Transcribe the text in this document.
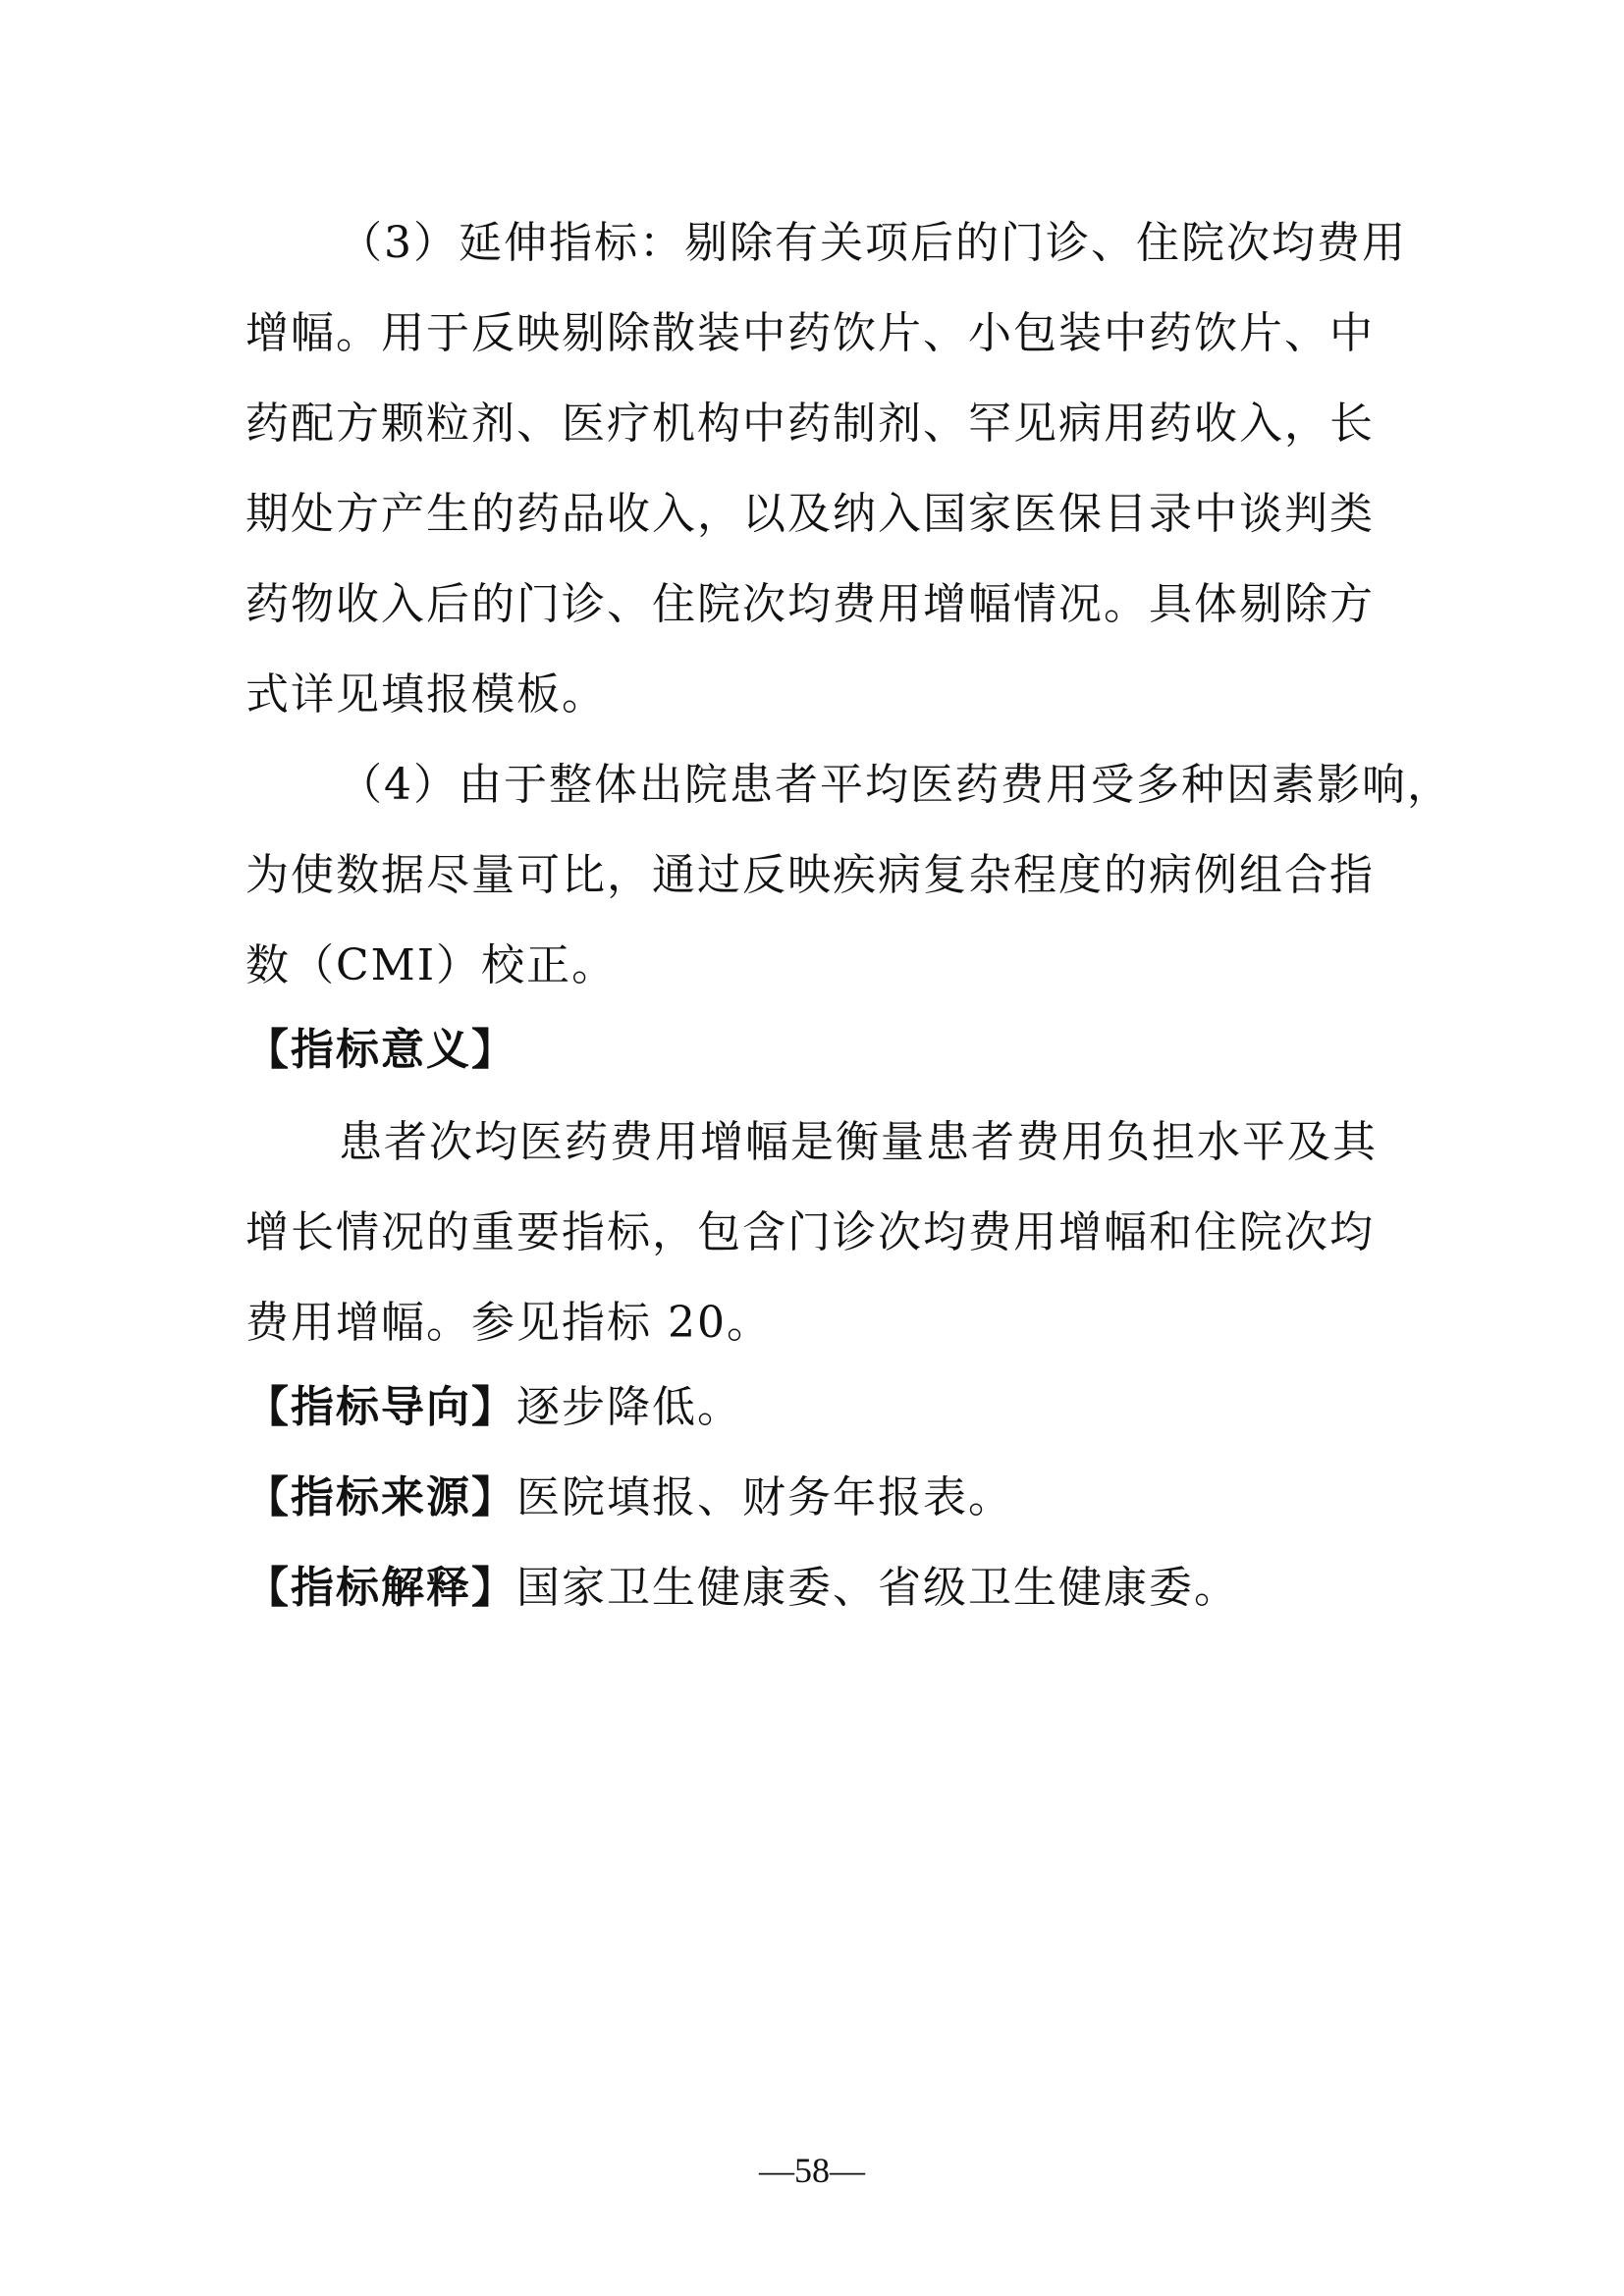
（3）延伸指标：剔除有关项后的门诊、住院次均费用
增幅。用于反映剔除散装中药饮片、小包装中药饮片、中
药配方颗粒剂、医疗机构中药制剂、罕见病用药收入，长
期处方产生的药品收入，以及纳入国家医保目录中谈判类
药物收入后的门诊、住院次均费用增幅情况。具体剔除方
式详见填报模板。
（4）由于整体出院患者平均医药费用受多种因素影响，
为使数据尽量可比，通过反映疾病复杂程度的病例组合指
数（CMI）校正。
【指标意义】
患者次均医药费用增幅是衡量患者费用负担水平及其
增长情况的重要指标，包含门诊次均费用增幅和住院次均
费用增幅。参见指标 20。
【指标导向】逐步降低。
【指标来源】医院填报、财务年报表。
【指标解释】国家卫生健康委、省级卫生健康委。
—58—
